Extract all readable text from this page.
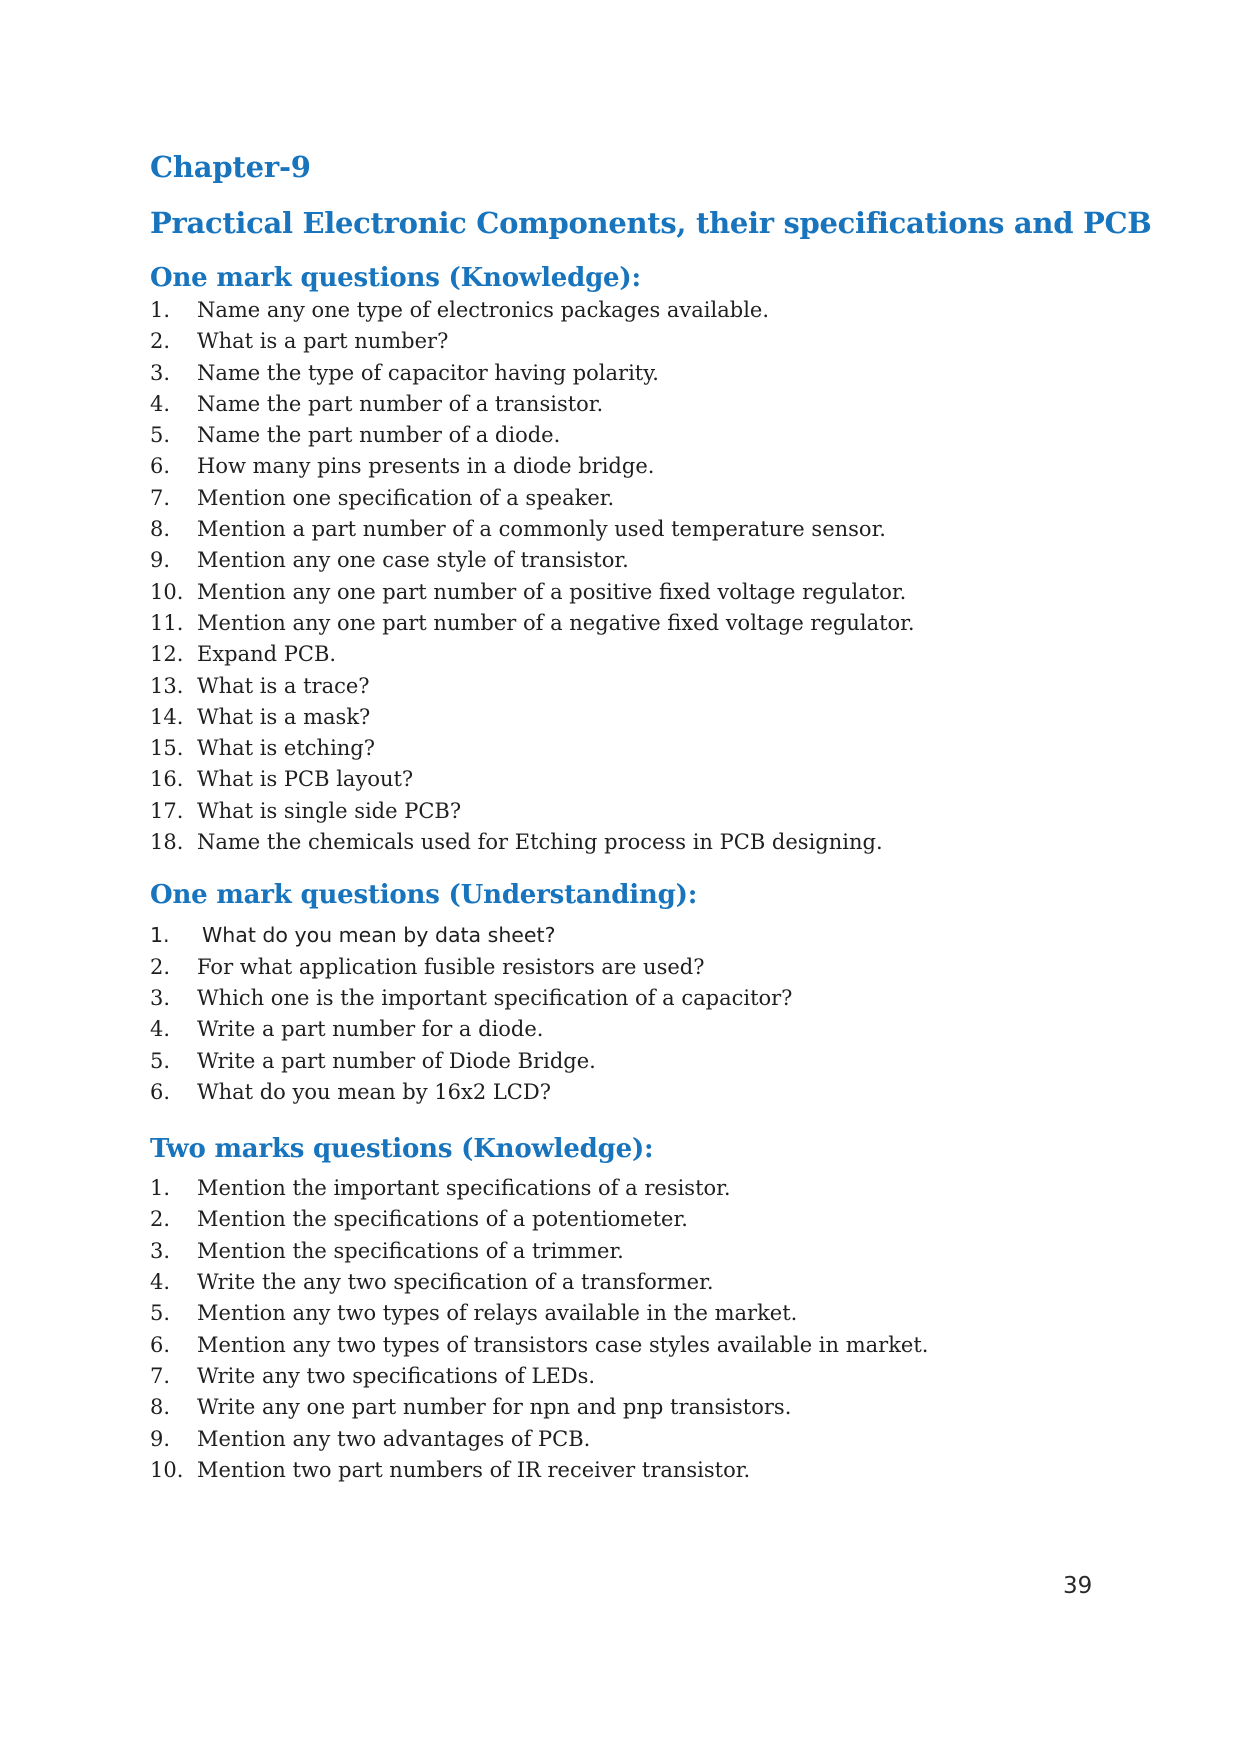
Chapter-9
Practical Electronic Components, their specifications and PCB
One mark questions (Knowledge):
1. Name any one type of electronics packages available.
2. What is a part number?
3. Name the type of capacitor having polarity.
4. Name the part number of a transistor.
5. Name the part number of a diode.
6. How many pins presents in a diode bridge.
7. Mention one specification of a speaker.
8. Mention a part number of a commonly used temperature sensor.
9. Mention any one case style of transistor.
10. Mention any one part number of a positive fixed voltage regulator.
11. Mention any one part number of a negative fixed voltage regulator.
12. Expand PCB.
13. What is a trace?
14. What is a mask?
15. What is etching?
16. What is PCB layout?
17. What is single side PCB?
18. Name the chemicals used for Etching process in PCB designing.
One mark questions (Understanding):
1. What do you mean by data sheet?
2. For what application fusible resistors are used?
3. Which one is the important specification of a capacitor?
4. Write a part number for a diode.
5. Write a part number of Diode Bridge.
6. What do you mean by 16x2 LCD?
Two marks questions (Knowledge):
1. Mention the important specifications of a resistor.
2. Mention the specifications of a potentiometer.
3. Mention the specifications of a trimmer.
4. Write the any two specification of a transformer.
5. Mention any two types of relays available in the market.
6. Mention any two types of transistors case styles available in market.
7. Write any two specifications of LEDs.
8. Write any one part number for npn and pnp transistors.
9. Mention any two advantages of PCB.
10. Mention two part numbers of IR receiver transistor.
39
